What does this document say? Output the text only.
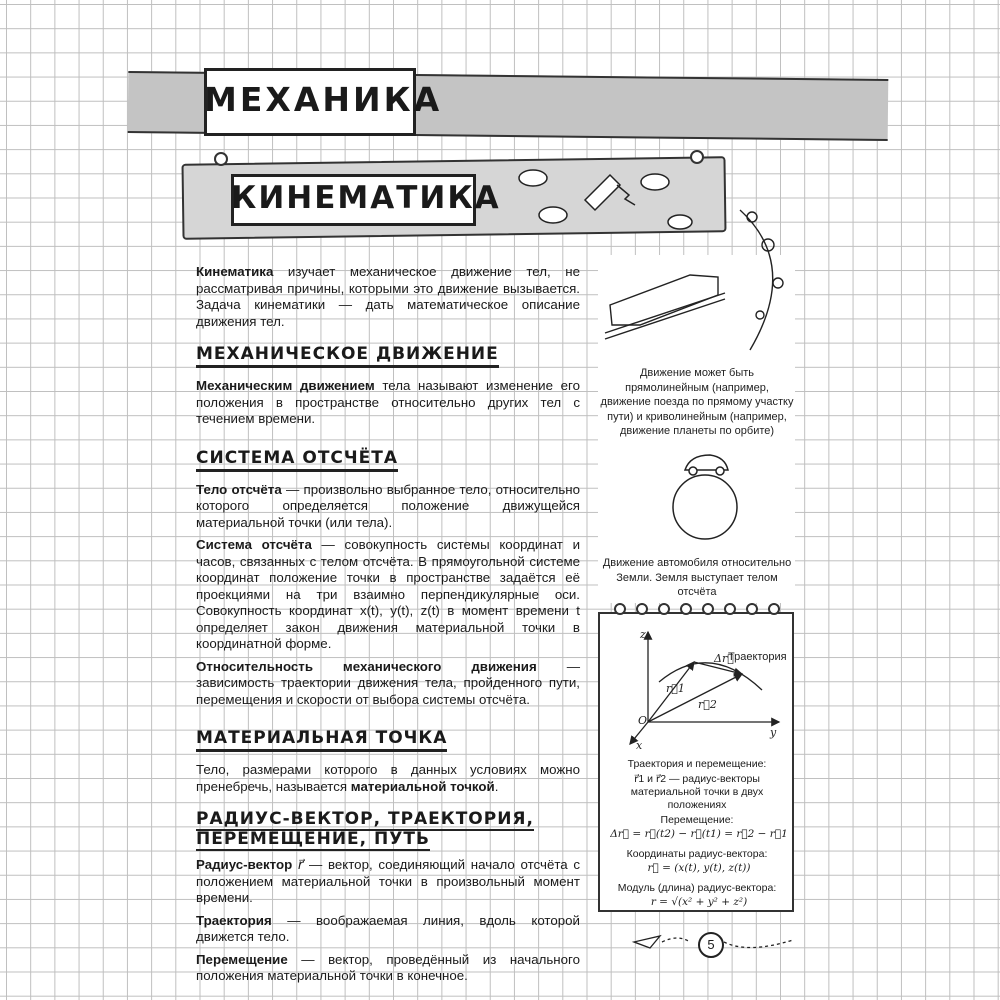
МЕХАНИКА
КИНЕМАТИКА

Кинематика изучает механическое движение тел, не рассматривая причины, которыми это движение вызывается. Задача кинематики — дать математическое описание движения тел.

МЕХАНИЧЕСКОЕ ДВИЖЕНИЕ

Механическим движением тела называют изменение его положения в пространстве относительно других тел с течением времени.

СИСТЕМА ОТСЧЁТА

Тело отсчёта — произвольно выбранное тело, относительно которого определяется положение движущейся материальной точки (или тела).

Система отсчёта — совокупность системы координат и часов, связанных с телом отсчёта. В прямоугольной системе координат положение точки в пространстве задаётся её проекциями на три взаимно перпендикулярные оси. Совокупность координат x(t), y(t), z(t) в момент времени t определяет закон движения материальной точки в координатной форме.

Относительность механического движения — зависимость траектории движения тела, пройденного пути, перемещения и скорости от выбора системы отсчёта.

МАТЕРИАЛЬНАЯ ТОЧКА

Тело, размерами которого в данных условиях можно пренебречь, называется материальной точкой.

РАДИУС-ВЕКТОР, ТРАЕКТОРИЯ,
ПЕРЕМЕЩЕНИЕ, ПУТЬ

Радиус-вектор r⃗ — вектор, соединяющий начало отсчёта с положением материальной точки в произвольный момент времени.

Траектория — воображаемая линия, вдоль которой движется тело.

Перемещение — вектор, проведённый из начального положения материальной точки в конечное.

Движение может быть прямолинейным (например, движение поезда по прямому участку пути) и криволинейным (например, движение планеты по орбите)
Движение автомобиля относительно Земли. Земля выступает телом отсчёта
z
y
x
O
r⃗1
r⃗2
Δr⃗
Траектория
Траектория и перемещение:
r⃗1 и r⃗2 — радиус-векторы материальной точки в двух положениях
Перемещение:
Δr⃗ = r⃗(t2) − r⃗(t1) = r⃗2 − r⃗1
Координаты радиус-вектора:
r⃗ = (x(t), y(t), z(t))
Модуль (длина) радиус-вектора:
r = √(x² + y² + z²)
5
